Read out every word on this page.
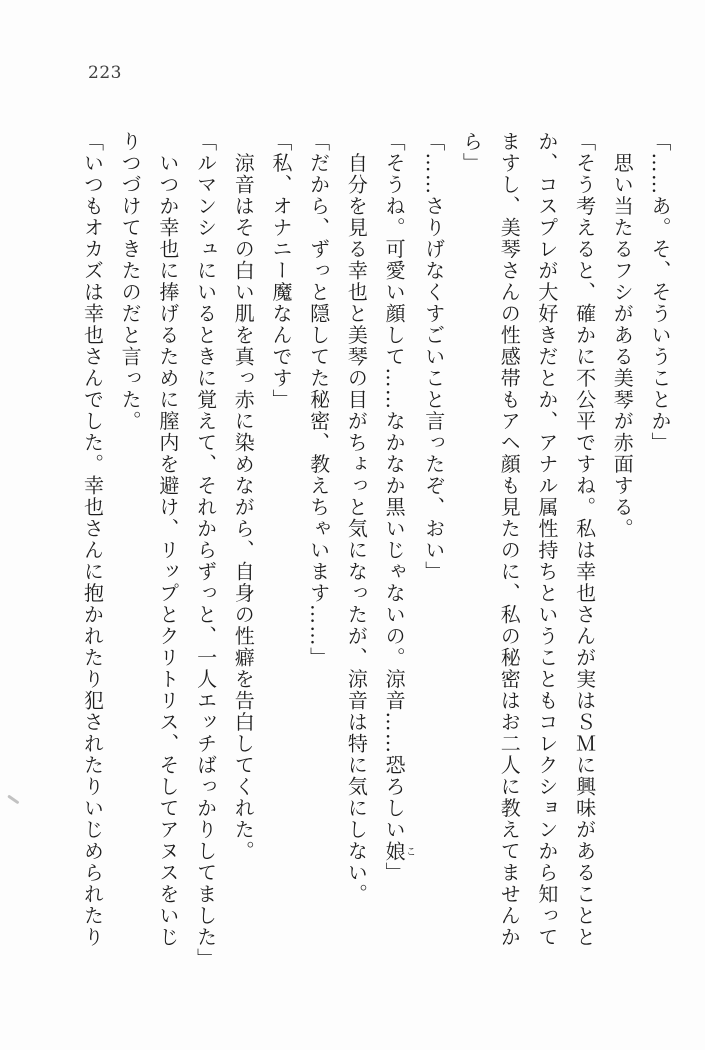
223

「……あ。そ、そういうことか」

　思い当たるフシがある美琴が赤面する。

「そう考えると、確かに不公平ですね。私は幸也さんが実はＳＭに興味があることと

か、コスプレが大好きだとか、アナル属性持ちということもコレクションから知って

ますし、美琴さんの性感帯もアヘ顔も見たのに、私の秘密はお二人に教えてませんか

ら」

「……さりげなくすごいこと言ったぞ、おい」

「そうね。可愛い顔して……なかなか黒いじゃないの。涼音……恐ろしい娘こ」

　自分を見る幸也と美琴の目がちょっと気になったが、涼音は特に気にしない。

「だから、ずっと隠してた秘密、教えちゃいます……」

「私、オナニー魔なんです」

　涼音はその白い肌を真っ赤に染めながら、自身の性癖を告白してくれた。

「ルマンシュにいるときに覚えて、それからずっと、一人エッチばっかりしてました」

　いつか幸也に捧げるために膣内を避け、リップとクリトリス、そしてアヌスをいじ

りつづけてきたのだと言った。

「いつもオカズは幸也さんでした。幸也さんに抱かれたり犯されたりいじめられたり
